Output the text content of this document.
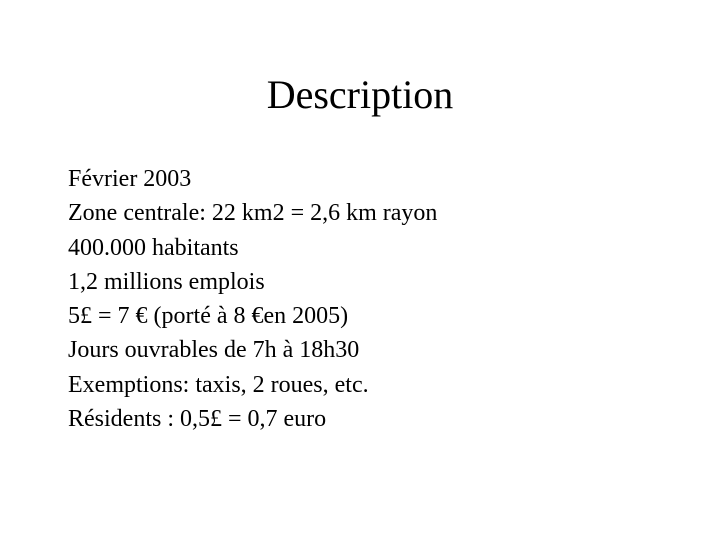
Description
Février 2003
Zone centrale: 22 km2 = 2,6 km rayon
400.000 habitants
1,2 millions emplois
5£ = 7 € (porté à 8 €en 2005)
Jours ouvrables de 7h à 18h30
Exemptions: taxis, 2 roues, etc.
Résidents : 0,5£ = 0,7 euro
